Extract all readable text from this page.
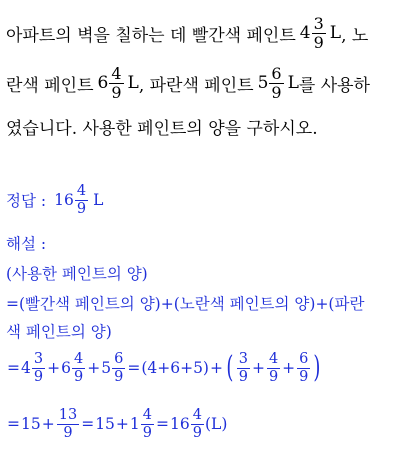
아파트의 벽을 칠하는 데 빨간색 페인트 $4 \frac{3}{9}$ L , 노
란색 페인트 $6 \frac{4}{9}$ L , 파란색 페인트 $5 \frac{6}{9}$ L 를 사용하
였습니다. 사용한 페인트의 양을 구하시오.
정답 : $16 \frac{4}{9}$ L
해설 :
(사용한 페인트의 양)
=(빨간색 페인트의 양)+(노란색 페인트의 양)+(파란
색 페인트의 양)
= $4 \frac{3}{9} + 6 \frac{4}{9} + 5 \frac{6}{9} = (4+6+5)$ + ( $\frac{3}{9} + \frac{4}{9} + \frac{6}{9}$ )
= $15 + \frac{13}{9} = 15 + 1 \frac{4}{9} = 16 \frac{4}{9} (L)$
